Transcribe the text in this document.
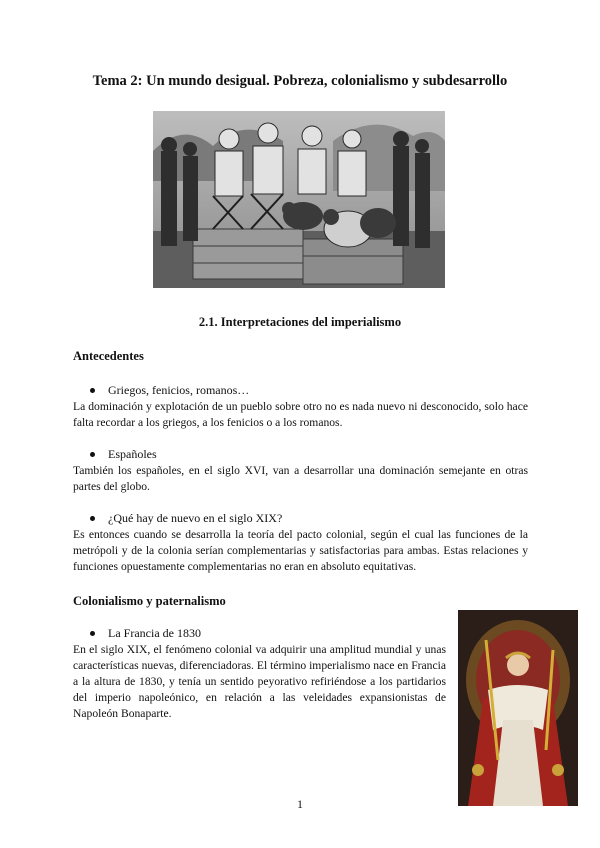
Tema 2: Un mundo desigual. Pobreza, colonialismo y subdesarrollo
2.1. Interpretaciones del imperialismo
Antecedentes
Griegos, fenicios, romanos…
La dominación y explotación de un pueblo sobre otro no es nada nuevo ni desconocido, solo hace falta recordar a los griegos, a los fenicios o a los romanos.
Españoles
También los españoles, en el siglo XVI, van a desarrollar una dominación semejante en otras partes del globo.
¿Qué hay de nuevo en el siglo XIX?
Es entonces cuando se desarrolla la teoría del pacto colonial, según el cual las funciones de la metrópoli y de la colonia serían complementarias y satisfactorias para ambas. Estas relaciones y funciones opuestamente complementarias no eran en absoluto equitativas.
Colonialismo y paternalismo
La Francia de 1830
En el siglo XIX, el fenómeno colonial va adquirir una amplitud mundial y unas características nuevas, diferenciadoras. El término imperialismo nace en Francia a la altura de 1830, y tenía un sentido peyorativo refiriéndose a los partidarios del imperio napoleónico, en relación a las veleidades expansionistas de Napoleón Bonaparte.
1
